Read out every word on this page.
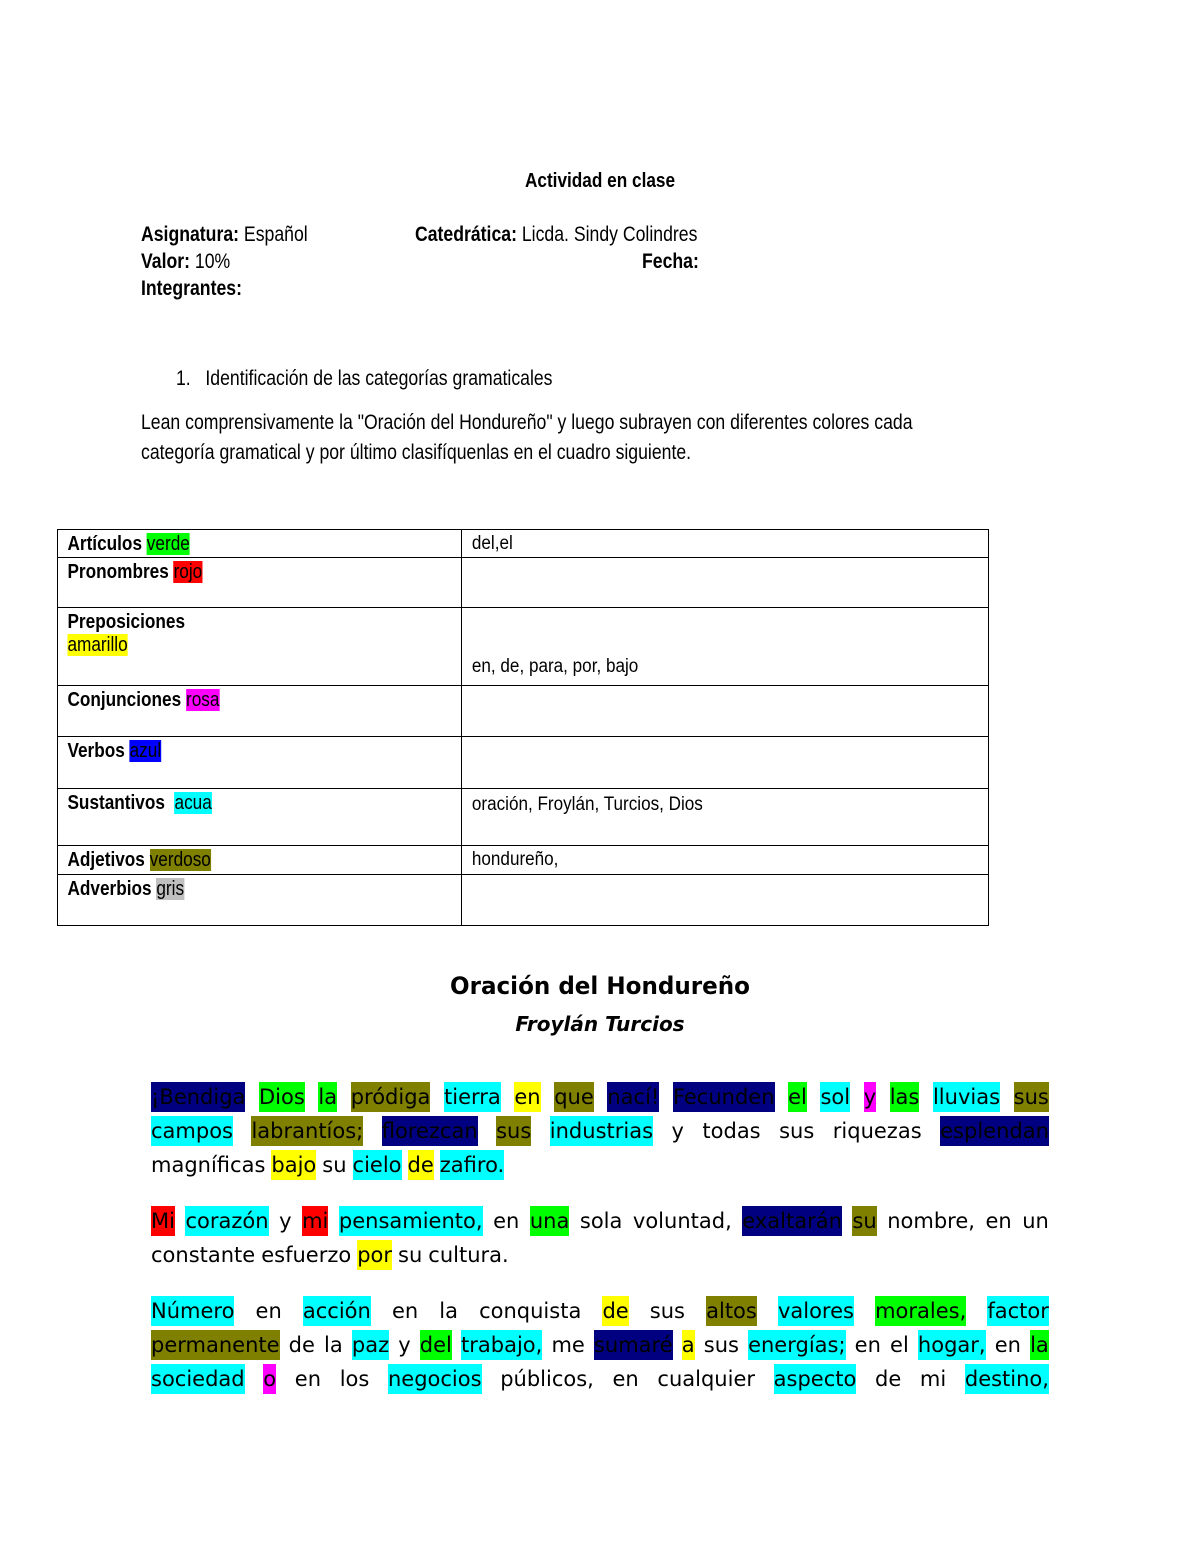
Actividad en clase
Asignatura: Español	Catedrática: Licda. Sindy Colindres
Valor: 10%	Fecha:
Integrantes:
1. Identificación de las categorías gramaticales
Lean comprensivamente la "Oración del Hondureño" y luego subrayen con diferentes colores cada
categoría gramatical y por último clasifíquenlas en el cuadro siguiente.
Artículos verde	del,el

Pronombres rojo	

Preposiciones
amarillo	en, de, para, por, bajo

Conjunciones rosa	

Verbos azul	

Sustantivos acua	oración, Froylán, Turcios, Dios

Adjetivos verdoso	hondureño,

Adverbios gris	
Oración del Hondureño
Froylán Turcios
¡Bendiga Dios la pródiga tierra en que nací! Fecunden el sol y las lluvias sus
campos labrantíos; florezcan sus industrias y todas sus riquezas esplendan
magníficas bajo su cielo de zafiro.
Mi corazón y mi pensamiento, en una sola voluntad, exaltarán su nombre, en un
constante esfuerzo por su cultura.
Número en acción en la conquista de sus altos valores morales, factor
permanente de la paz y del trabajo, me sumaré a sus energías; en el hogar, en la
sociedad o en los negocios públicos, en cualquier aspecto de mi destino,
